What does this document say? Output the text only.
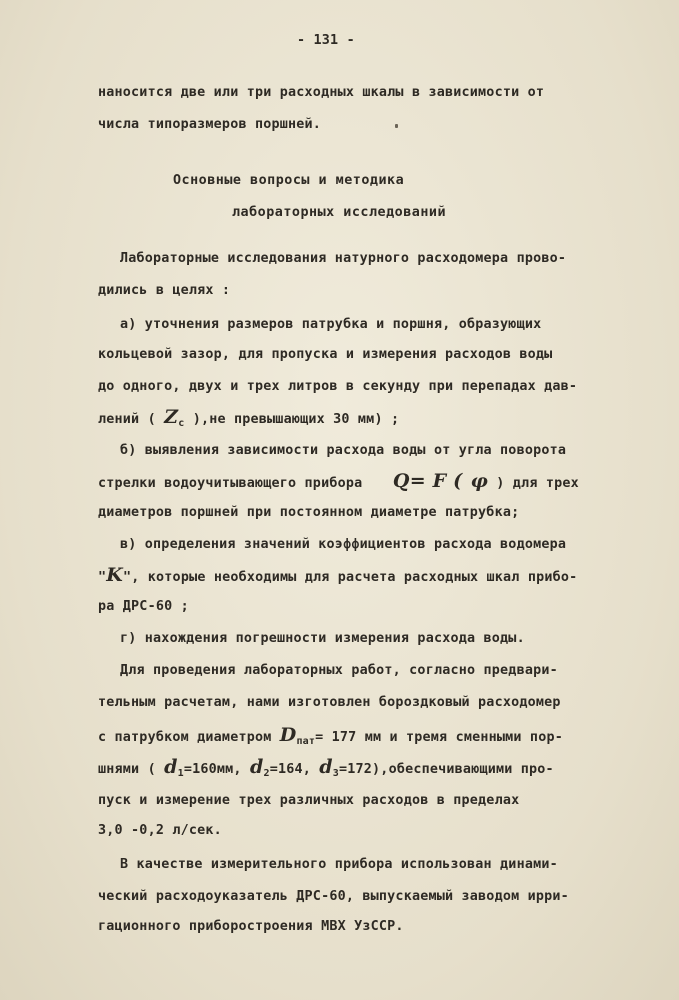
- 131 -
наносится две или три расходных шкалы в зависимости от
числа типоразмеров поршней.
Основные вопросы и методика
лабораторных исследований
Лабораторные исследования натурного расходомера прово-
дились в целях :
а) уточнения размеров патрубка и поршня, образующих
кольцевой зазор, для пропуска и измерения расходов воды
до одного, двух и трех литров в секунду при перепадах дав-
лений ( $Z_c$ ),не превышающих 30 мм) ;
б) выявления зависимости расхода воды от угла поворота
стрелки водоучитывающего прибора Q= F ( φ ) для трех
диаметров поршней при постоянном диаметре патрубка;
в) определения значений коэффициентов расхода водомера
"K", которые необходимы для расчета расходных шкал прибо-
ра ДРС-60 ;
г) нахождения погрешности измерения расхода воды.
Для проведения лабораторных работ, согласно предвари-
тельным расчетам, нами изготовлен бороздковый расходомер
с патрубком диаметром $D_{пат}= 177$ мм и тремя сменными пор-
шнями ( $d_1=160мм$, $d_2=164$, $d_3=172),обеспечивающими$ про-
пуск и измерение трех различных расходов в пределах
3,0 -0,2 л/сек.
В качестве измерительного прибора использован динами-
ческий расходоуказатель ДРС-60, выпускаемый заводом ирри-
гационного приборостроения МВХ УзССР.
